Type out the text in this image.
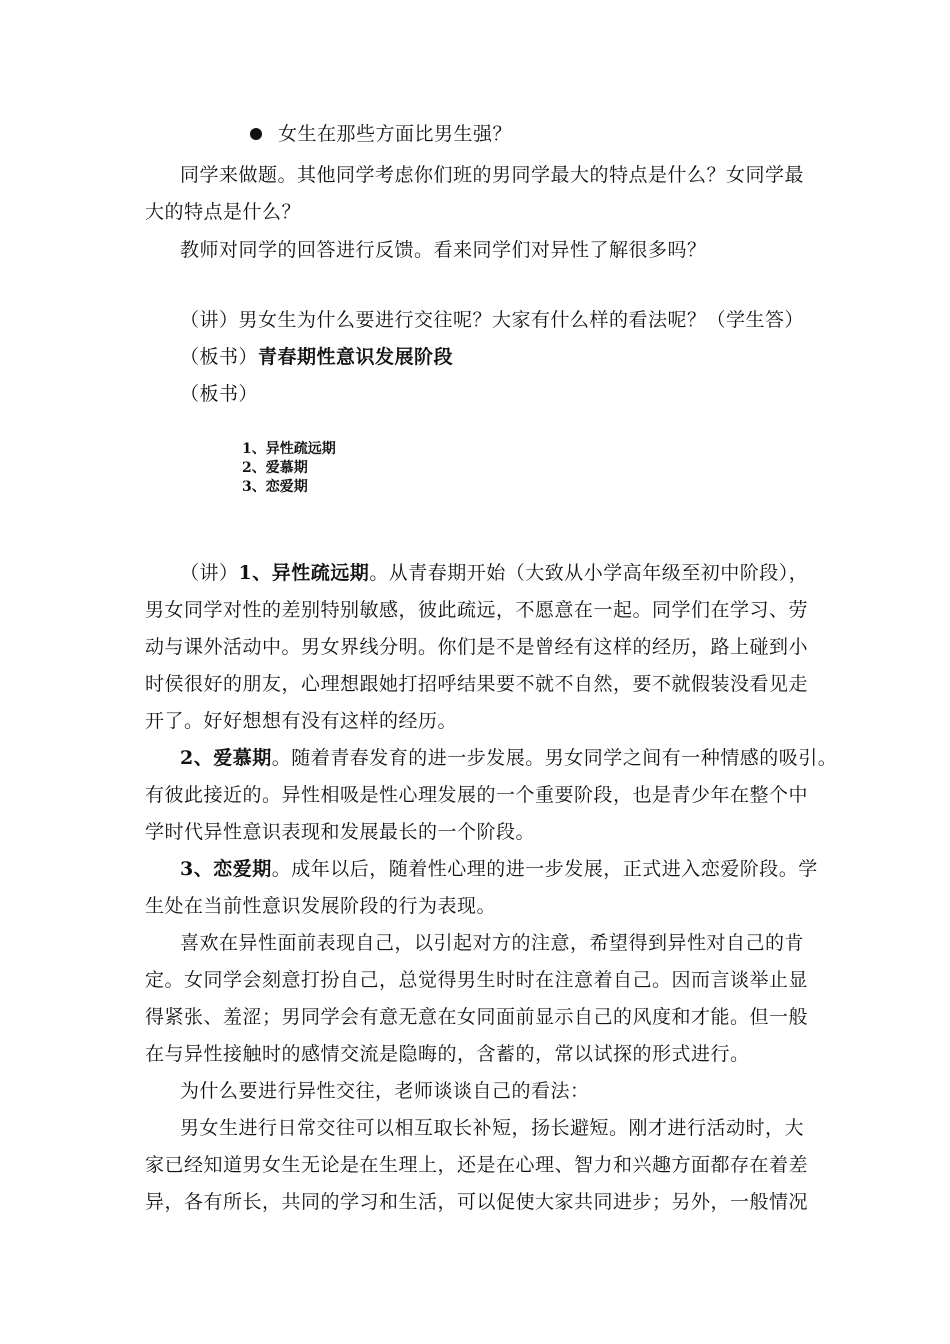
女生在那些方面比男生强？
同学来做题。其他同学考虑你们班的男同学最大的特点是什么？女同学最
大的特点是什么？
教师对同学的回答进行反馈。看来同学们对异性了解很多吗？
（讲）男女生为什么要进行交往呢？大家有什么样的看法呢？（学生答）
（板书）青春期性意识发展阶段
（板书）
1、异性疏远期
2、爱慕期
3、恋爱期
（讲）1、异性疏远期。从青春期开始（大致从小学高年级至初中阶段），
男女同学对性的差别特别敏感，彼此疏远，不愿意在一起。同学们在学习、劳
动与课外活动中。男女界线分明。你们是不是曾经有这样的经历，路上碰到小
时侯很好的朋友，心理想跟她打招呼结果要不就不自然，要不就假装没看见走
开了。好好想想有没有这样的经历。
2、爱慕期。随着青春发育的进一步发展。男女同学之间有一种情感的吸引。
有彼此接近的。异性相吸是性心理发展的一个重要阶段，也是青少年在整个中
学时代异性意识表现和发展最长的一个阶段。
3、恋爱期。成年以后，随着性心理的进一步发展，正式进入恋爱阶段。学
生处在当前性意识发展阶段的行为表现。
喜欢在异性面前表现自己，以引起对方的注意，希望得到异性对自己的肯
定。女同学会刻意打扮自己，总觉得男生时时在注意着自己。因而言谈举止显
得紧张、羞涩；男同学会有意无意在女同面前显示自己的风度和才能。但一般
在与异性接触时的感情交流是隐晦的，含蓄的，常以试探的形式进行。
为什么要进行异性交往，老师谈谈自己的看法：
男女生进行日常交往可以相互取长补短，扬长避短。刚才进行活动时，大
家已经知道男女生无论是在生理上，还是在心理、智力和兴趣方面都存在着差
异，各有所长，共同的学习和生活，可以促使大家共同进步；另外，一般情况
